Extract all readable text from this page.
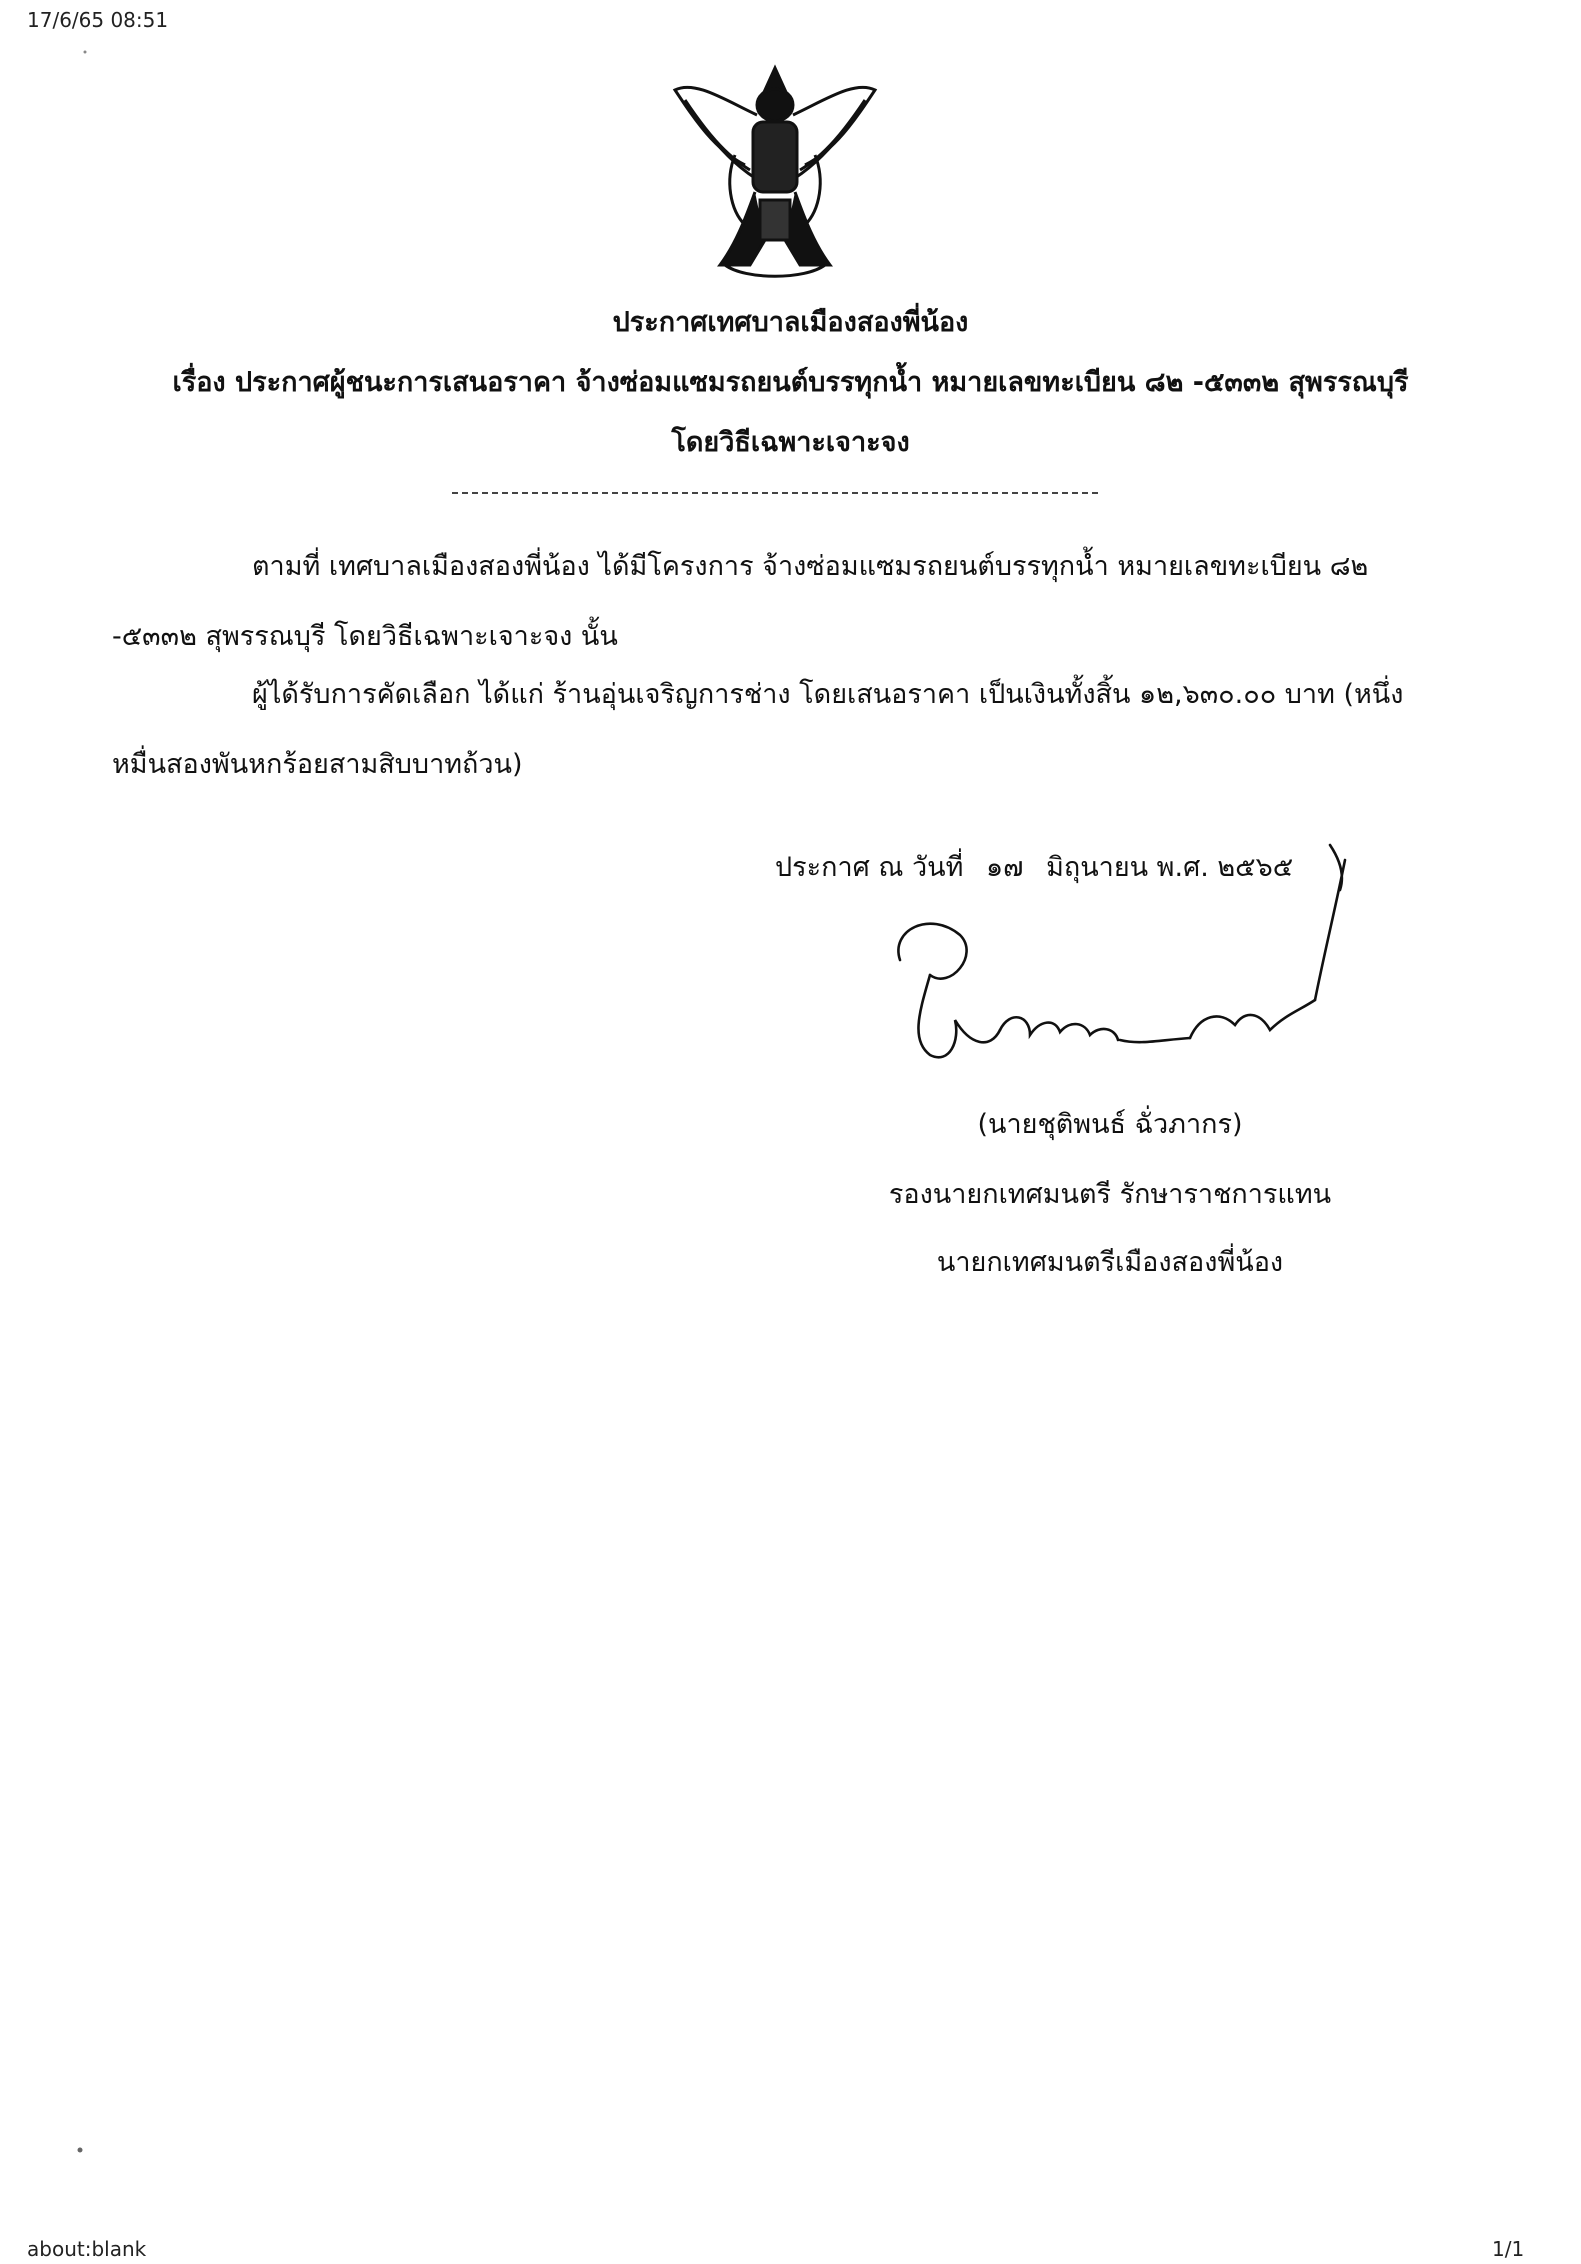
17/6/65 08:51
ประกาศเทศบาลเมืองสองพี่น้อง
เรื่อง ประกาศผู้ชนะการเสนอราคา จ้างซ่อมแซมรถยนต์บรรทุกน้ำ หมายเลขทะเบียน ๘๒ -๕๓๓๒ สุพรรณบุรี
โดยวิธีเฉพาะเจาะจง
ตามที่ เทศบาลเมืองสองพี่น้อง ได้มีโครงการ จ้างซ่อมแซมรถยนต์บรรทุกน้ำ หมายเลขทะเบียน ๘๒ -๕๓๓๒ สุพรรณบุรี โดยวิธีเฉพาะเจาะจง นั้น
ผู้ได้รับการคัดเลือก ได้แก่ ร้านอุ่นเจริญการช่าง โดยเสนอราคา เป็นเงินทั้งสิ้น ๑๒,๖๓๐.๐๐ บาท (หนึ่งหมื่นสองพันหกร้อยสามสิบบาทถ้วน)
ประกาศ ณ วันที่ ๑๗ มิถุนายน พ.ศ. ๒๕๖๕
(นายชุติพนธ์ ฉั่วภากร)
รองนายกเทศมนตรี รักษาราชการแทน
นายกเทศมนตรีเมืองสองพี่น้อง
about:blank	1/1
